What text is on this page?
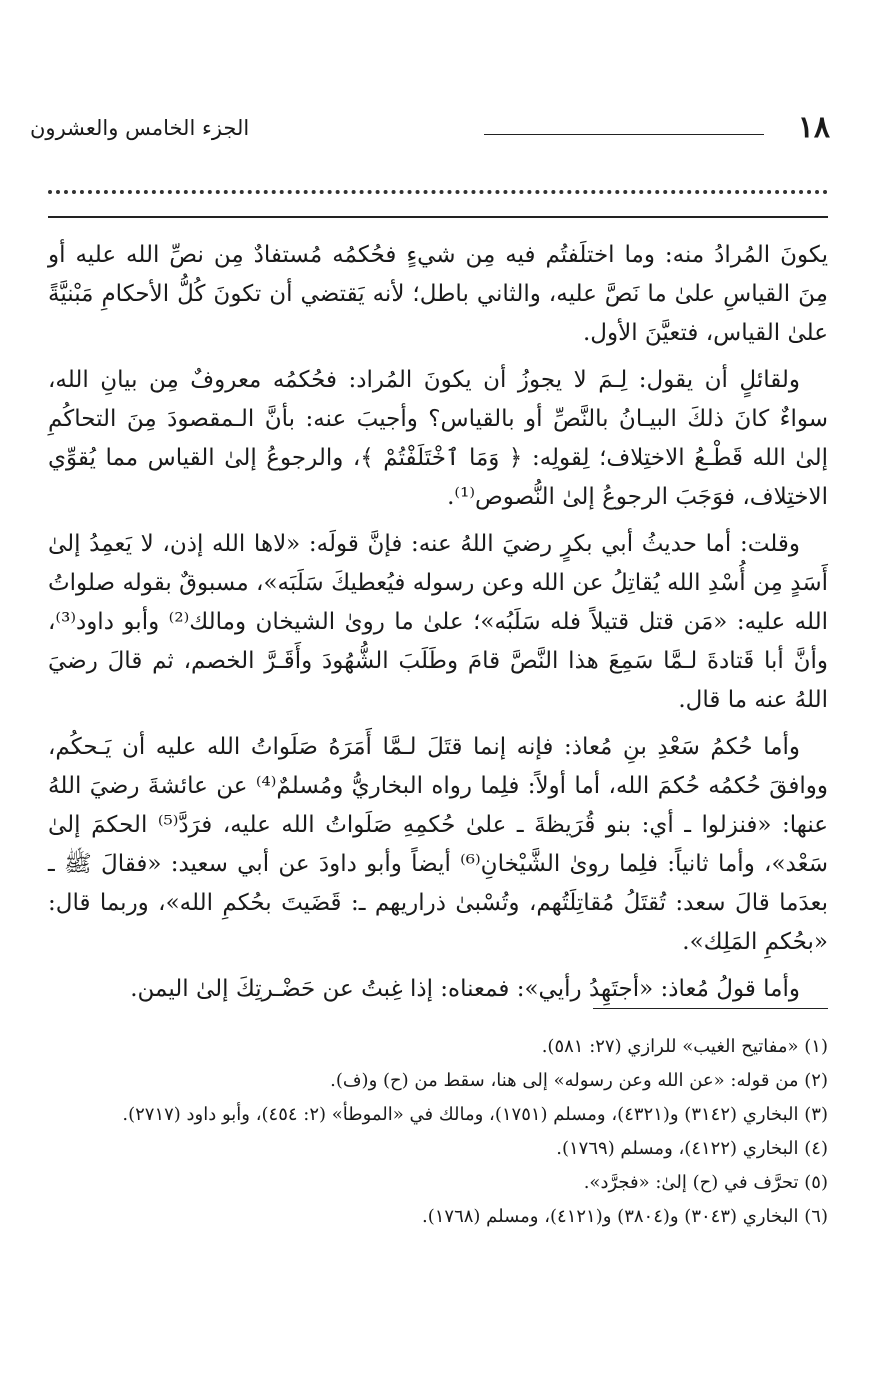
١٨
الجزء الخامس والعشرون

يكونَ المُرادُ منه: وما اختلَفتُم فيه مِن شيءٍ فحُكمُه مُستفادٌ مِن نصِّ الله عليه أو مِنَ القياسِ علىٰ ما نَصَّ عليه، والثاني باطل؛ لأنه يَقتضي أن تكونَ كُلُّ الأحكامِ مَبْنيَّةً علىٰ القياس، فتعيَّنَ الأول.

ولقائلٍ أن يقول: لِـمَ لا يجوزُ أن يكونَ المُراد: فحُكمُه معروفٌ مِن بيانِ الله، سواءٌ كانَ ذلكَ البيـانُ بالنَّصِّ أو بالقياس؟ وأجيبَ عنه: بأنَّ الـمقصودَ مِنَ التحاكُمِ إلىٰ الله قَطْـعُ الاختِلاف؛ لِقولِه: ﴿ وَمَا ٱخْتَلَفْتُمْ ﴾، والرجوعُ إلىٰ القياس مما يُقوِّي الاختِلاف، فوَجَبَ الرجوعُ إلىٰ النُّصوص⁽¹⁾.

وقلت: أما حديثُ أبي بكرٍ رضيَ اللهُ عنه: فإنَّ قولَه: «لاها الله إذن، لا يَعمِدُ إلىٰ أَسَدٍ مِن أُسْدِ الله يُقاتِلُ عن الله وعن رسوله فيُعطيكَ سَلَبَه»، مسبوقٌ بقوله صلواتُ الله عليه: «مَن قتل قتيلاً فله سَلَبُه»؛ علىٰ ما روىٰ الشيخان ومالك⁽²⁾ وأبو داود⁽³⁾، وأنَّ أبا قَتادةَ لـمَّا سَمِعَ هذا النَّصَّ قامَ وطَلَبَ الشُّهُودَ وأَقَـرَّ الخصم، ثم قالَ رضيَ اللهُ عنه ما قال.

وأما حُكمُ سَعْدِ بنِ مُعاذ: فإنه إنما قتَلَ لـمَّا أَمَرَهُ صَلَواتُ الله عليه أن يَـحكُم، ووافقَ حُكمُه حُكمَ الله، أما أولاً: فلِما رواه البخاريُّ ومُسلمٌ⁽⁴⁾ عن عائشةَ رضيَ اللهُ عنها: «فنزلوا ـ أي: بنو قُرَيظةَ ـ علىٰ حُكمِهِ صَلَواتُ الله عليه، فرَدَّ⁽⁵⁾ الحكمَ إلىٰ سَعْد»، وأما ثانياً: فلِما روىٰ الشَّيْخانِ⁽⁶⁾ أيضاً وأبو داودَ عن أبي سعيد: «فقالَ ﷺ ـ بعدَما قالَ سعد: تُقتَلُ مُقاتِلَتُهم، وتُسْبىٰ ذراريهم ـ: قَضَيتَ بحُكمِ الله»، وربما قال: «بحُكمِ المَلِك».

وأما قولُ مُعاذ: «أجتَهِدُ رأيي»: فمعناه: إذا غِبتُ عن حَضْـرتِكَ إلىٰ اليمن.

(١) «مفاتيح الغيب» للرازي (٢٧: ٥٨١).
(٢) من قوله: «عن الله وعن رسوله» إلى هنا، سقط من (ح) و(ف).
(٣) البخاري (٣١٤٢) و(٤٣٢١)، ومسلم (١٧٥١)، ومالك في «الموطأ» (٢: ٤٥٤)، وأبو داود (٢٧١٧).
(٤) البخاري (٤١٢٢)، ومسلم (١٧٦٩).
(٥) تحرَّف في (ح) إلىٰ: «فجرَّد».
(٦) البخاري (٣٠٤٣) و(٣٨٠٤) و(٤١٢١)، ومسلم (١٧٦٨).
